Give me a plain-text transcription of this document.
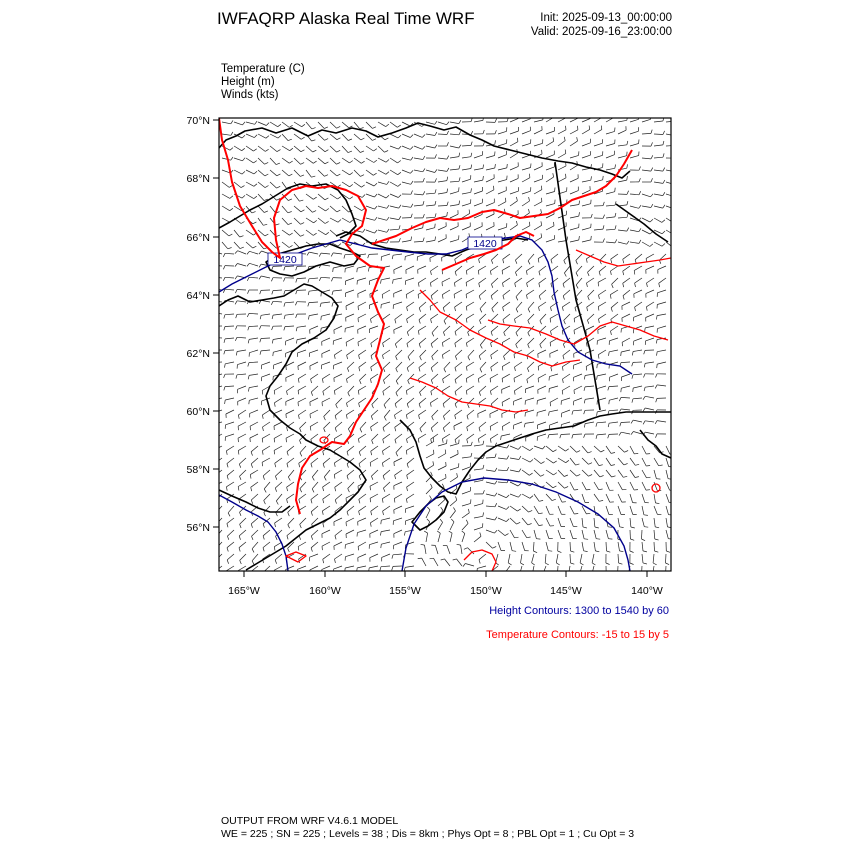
IWFAQRP Alaska Real Time WRF	Init: 2025-09-13_00:00:00
Valid: 2025-09-16_23:00:00
Temperature (C)
Height (m)
Winds (kts)
1420
1420
70°N
68°N
66°N
64°N
62°N
60°N
58°N
56°N
165°W	160°W	155°W	150°W	145°W	140°W
Height Contours: 1300 to 1540 by 60
Temperature Contours: -15 to 15 by 5
OUTPUT FROM WRF V4.6.1 MODEL
WE = 225 ; SN = 225 ; Levels = 38 ; Dis = 8km ; Phys Opt = 8 ; PBL Opt = 1 ; Cu Opt = 3
